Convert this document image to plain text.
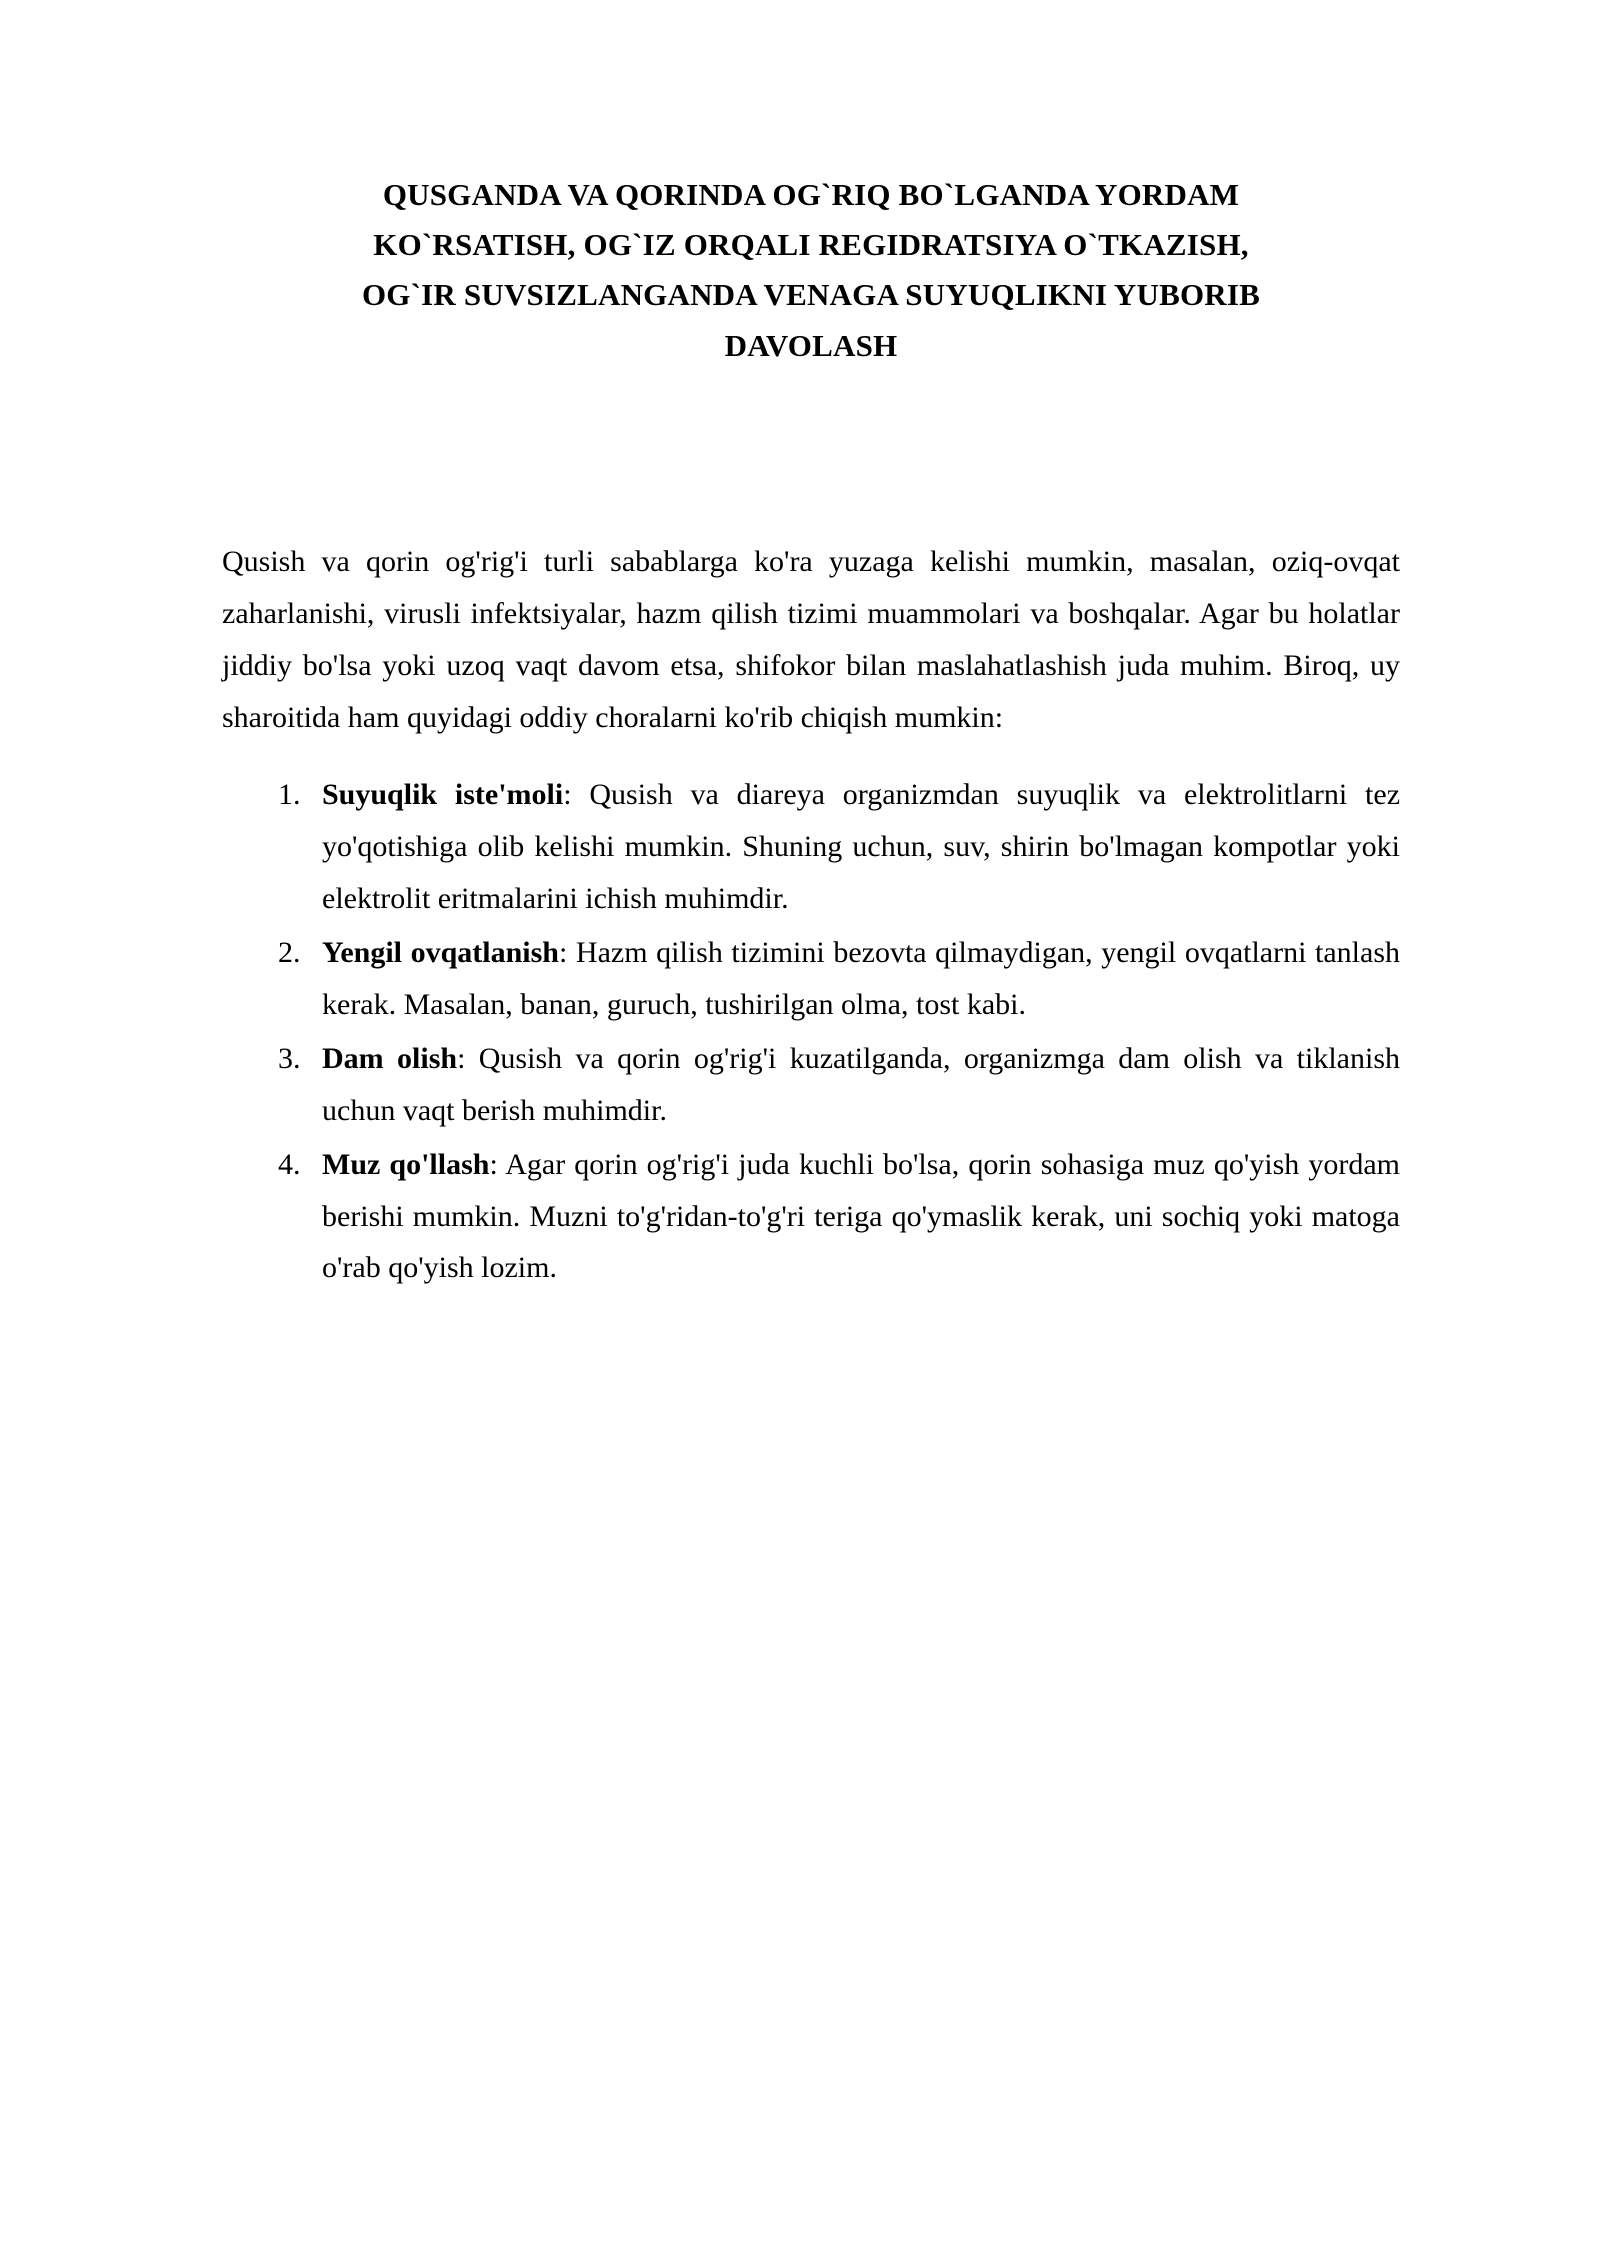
QUSGANDA VA QORINDA OG`RIQ BO`LGANDA YORDAM
KO`RSATISH, OG`IZ ORQALI REGIDRATSIYA O`TKAZISH,
OG`IR SUVSIZLANGANDA VENAGA SUYUQLIKNI YUBORIB
DAVOLASH

Qusish va qorin og'rig'i turli sabablarga ko'ra yuzaga kelishi mumkin, masalan, oziq-ovqat zaharlanishi, virusli infektsiyalar, hazm qilish tizimi muammolari va boshqalar. Agar bu holatlar jiddiy bo'lsa yoki uzoq vaqt davom etsa, shifokor bilan maslahatlashish juda muhim. Biroq, uy sharoitida ham quyidagi oddiy choralarni ko'rib chiqish mumkin:

1. Suyuqlik iste'moli: Qusish va diareya organizmdan suyuqlik va elektrolitlarni tez yo'qotishiga olib kelishi mumkin. Shuning uchun, suv, shirin bo'lmagan kompotlar yoki elektrolit eritmalarini ichish muhimdir.
2. Yengil ovqatlanish: Hazm qilish tizimini bezovta qilmaydigan, yengil ovqatlarni tanlash kerak. Masalan, banan, guruch, tushirilgan olma, tost kabi.
3. Dam olish: Qusish va qorin og'rig'i kuzatilganda, organizmga dam olish va tiklanish uchun vaqt berish muhimdir.
4. Muz qo'llash: Agar qorin og'rig'i juda kuchli bo'lsa, qorin sohasiga muz qo'yish yordam berishi mumkin. Muzni to'g'ridan-to'g'ri teriga qo'ymaslik kerak, uni sochiq yoki matoga o'rab qo'yish lozim.
